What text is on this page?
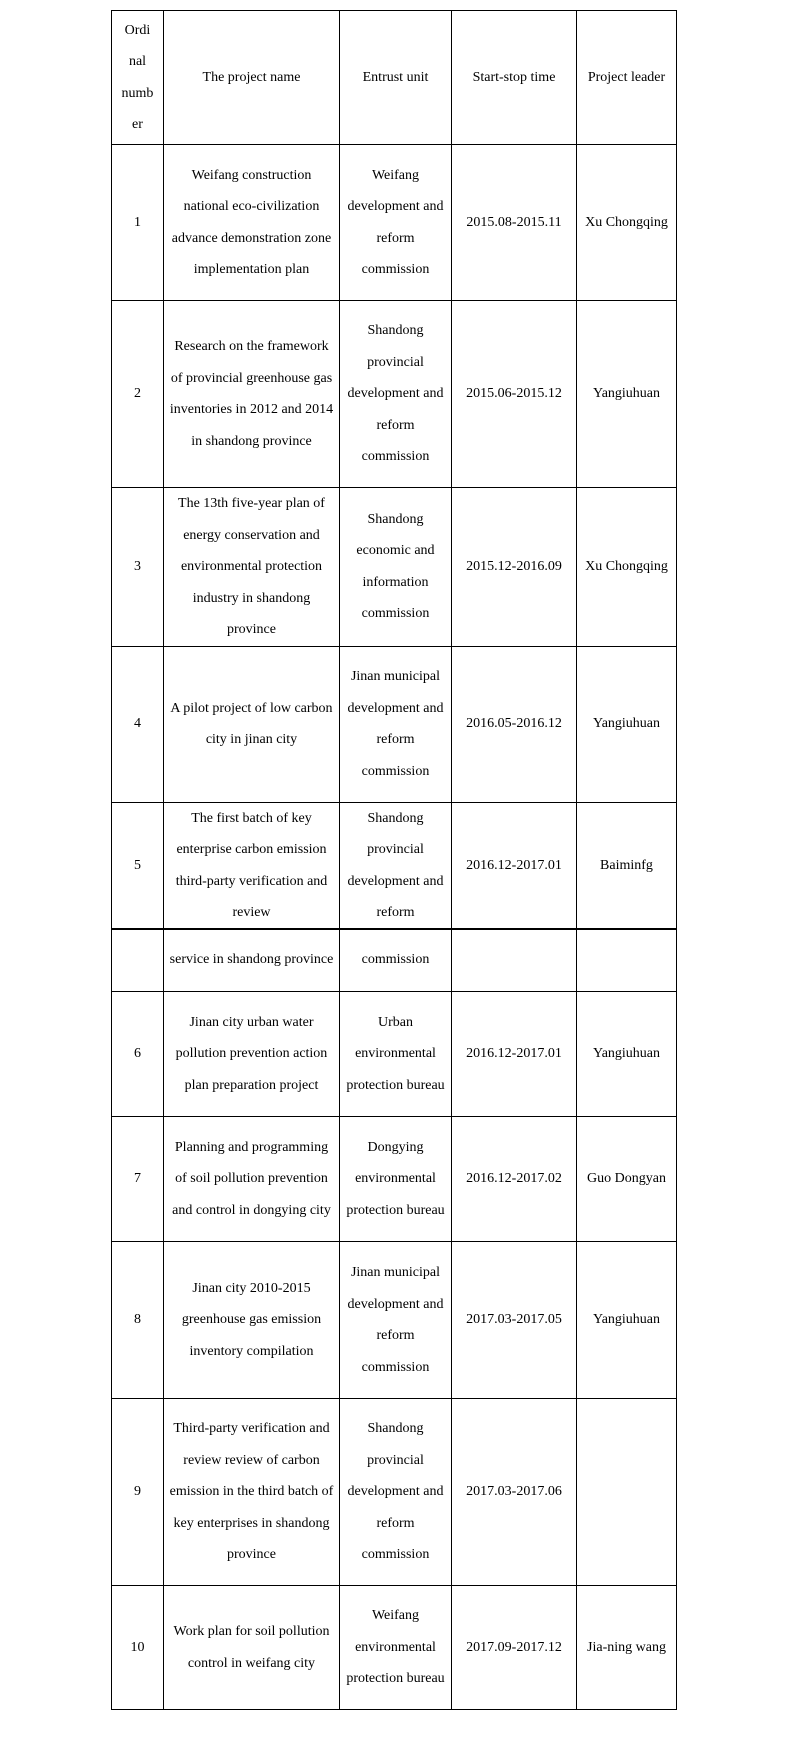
Ordi nal numb er	The project name	Entrust unit	Start-stop time	Project leader
1	Weifang construction national eco-civilization advance demonstration zone implementation plan	Weifang development and reform commission	2015.08-2015.11	Xu Chongqing
2	Research on the framework of provincial greenhouse gas inventories in 2012 and 2014 in shandong province	Shandong provincial development and reform commission	2015.06-2015.12	Yangiuhuan
3	The 13th five-year plan of energy conservation and environmental protection industry in shandong province	Shandong economic and information commission	2015.12-2016.09	Xu Chongqing
4	A pilot project of low carbon city in jinan city	Jinan municipal development and reform commission	2016.05-2016.12	Yangiuhuan
5	The first batch of key enterprise carbon emission third-party verification and review	Shandong provincial development and reform	2016.12-2017.01	Baiminfg
	service in shandong province	commission		
6	Jinan city urban water pollution prevention action plan preparation project	Urban environmental protection bureau	2016.12-2017.01	Yangiuhuan
7	Planning and programming of soil pollution prevention and control in dongying city	Dongying environmental protection bureau	2016.12-2017.02	Guo Dongyan
8	Jinan city 2010-2015 greenhouse gas emission inventory compilation	Jinan municipal development and reform commission	2017.03-2017.05	Yangiuhuan
9	Third-party verification and review review of carbon emission in the third batch of key enterprises in shandong province	Shandong provincial development and reform commission	2017.03-2017.06	
10	Work plan for soil pollution control in weifang city	Weifang environmental protection bureau	2017.09-2017.12	Jia-ning wang
